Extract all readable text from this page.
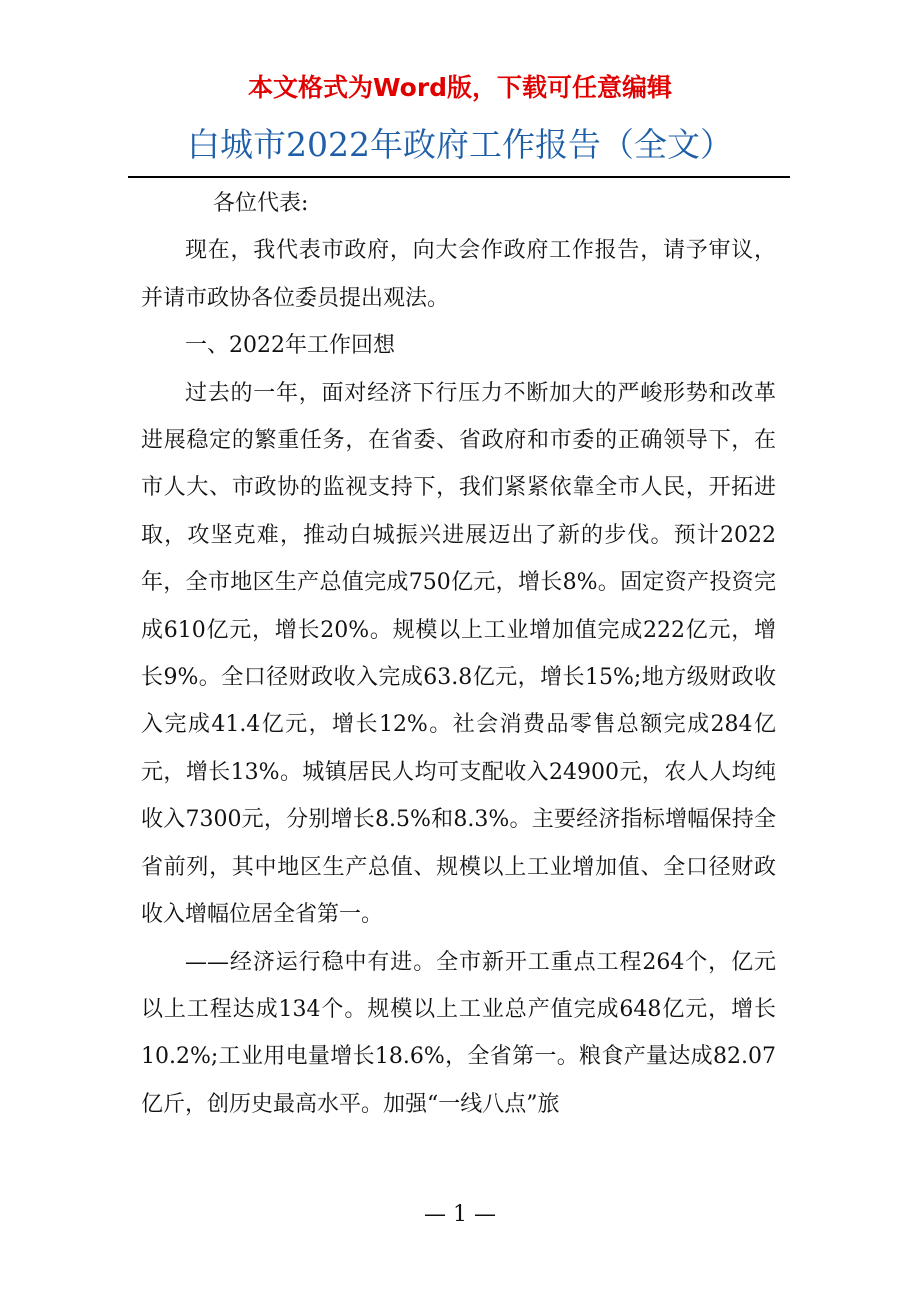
本文格式为Word版，下载可任意编辑
白城市2022年政府工作报告（全文）

各位代表:

现在，我代表市政府，向大会作政府工作报告，请予审议，并请市政协各位委员提出观法。

一、2022年工作回想

过去的一年，面对经济下行压力不断加大的严峻形势和改革进展稳定的繁重任务，在省委、省政府和市委的正确领导下，在市人大、市政协的监视支持下，我们紧紧依靠全市人民，开拓进取，攻坚克难，推动白城振兴进展迈出了新的步伐。预计2022年，全市地区生产总值完成750亿元，增长8%。固定资产投资完成610亿元，增长20%。规模以上工业增加值完成222亿元，增长9%。全口径财政收入完成63.8亿元，增长15%;地方级财政收入完成41.4亿元，增长12%。社会消费品零售总额完成284亿元，增长13%。城镇居民人均可支配收入24900元，农人人均纯收入7300元，分别增长8.5%和8.3%。主要经济指标增幅保持全省前列，其中地区生产总值、规模以上工业增加值、全口径财政收入增幅位居全省第一。

——经济运行稳中有进。全市新开工重点工程264个，亿元以上工程达成134个。规模以上工业总产值完成648亿元，增长10.2%;工业用电量增长18.6%，全省第一。粮食产量达成82.07亿斤，创历史最高水平。加强“一线八点”旅

— 1 —
